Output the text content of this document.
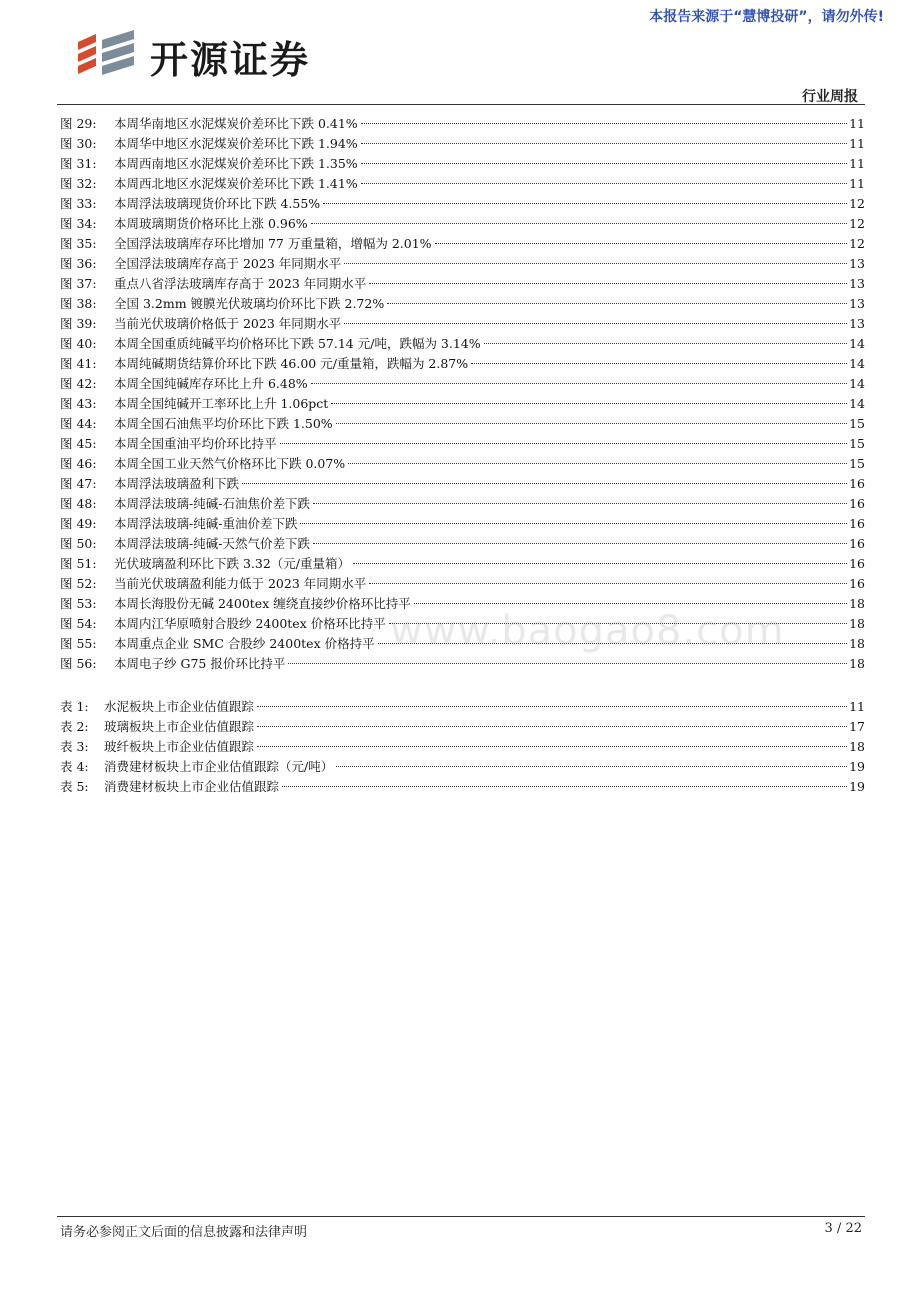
本报告来源于“慧博投研”，请勿外传!
开源证券
行业周报
图 29:	本周华南地区水泥煤炭价差环比下跌 0.41%	11
图 30:	本周华中地区水泥煤炭价差环比下跌 1.94%	11
图 31:	本周西南地区水泥煤炭价差环比下跌 1.35%	11
图 32:	本周西北地区水泥煤炭价差环比下跌 1.41%	11
图 33:	本周浮法玻璃现货价环比下跌 4.55%	12
图 34:	本周玻璃期货价格环比上涨 0.96%	12
图 35:	全国浮法玻璃库存环比增加 77 万重量箱，增幅为 2.01%	12
图 36:	全国浮法玻璃库存高于 2023 年同期水平	13
图 37:	重点八省浮法玻璃库存高于 2023 年同期水平	13
图 38:	全国 3.2mm 镀膜光伏玻璃均价环比下跌 2.72%	13
图 39:	当前光伏玻璃价格低于 2023 年同期水平	13
图 40:	本周全国重质纯碱平均价格环比下跌 57.14 元/吨，跌幅为 3.14%	14
图 41:	本周纯碱期货结算价环比下跌 46.00 元/重量箱，跌幅为 2.87%	14
图 42:	本周全国纯碱库存环比上升 6.48%	14
图 43:	本周全国纯碱开工率环比上升 1.06pct	14
图 44:	本周全国石油焦平均价环比下跌 1.50%	15
图 45:	本周全国重油平均价环比持平	15
图 46:	本周全国工业天然气价格环比下跌 0.07%	15
图 47:	本周浮法玻璃盈利下跌	16
图 48:	本周浮法玻璃-纯碱-石油焦价差下跌	16
图 49:	本周浮法玻璃-纯碱-重油价差下跌	16
图 50:	本周浮法玻璃-纯碱-天然气价差下跌	16
图 51:	光伏玻璃盈利环比下跌 3.32（元/重量箱）	16
图 52:	当前光伏玻璃盈利能力低于 2023 年同期水平	16
图 53:	本周长海股份无碱 2400tex 缠绕直接纱价格环比持平	18
图 54:	本周内江华原喷射合股纱 2400tex 价格环比持平	18
图 55:	本周重点企业 SMC 合股纱 2400tex 价格持平	18
图 56:	本周电子纱 G75 报价环比持平	18
表 1:	水泥板块上市企业估值跟踪	11
表 2:	玻璃板块上市企业估值跟踪	17
表 3:	玻纤板块上市企业估值跟踪	18
表 4:	消费建材板块上市企业估值跟踪（元/吨）	19
表 5:	消费建材板块上市企业估值跟踪	19
www.baogao8.com
请务必参阅正文后面的信息披露和法律声明	3 / 22
